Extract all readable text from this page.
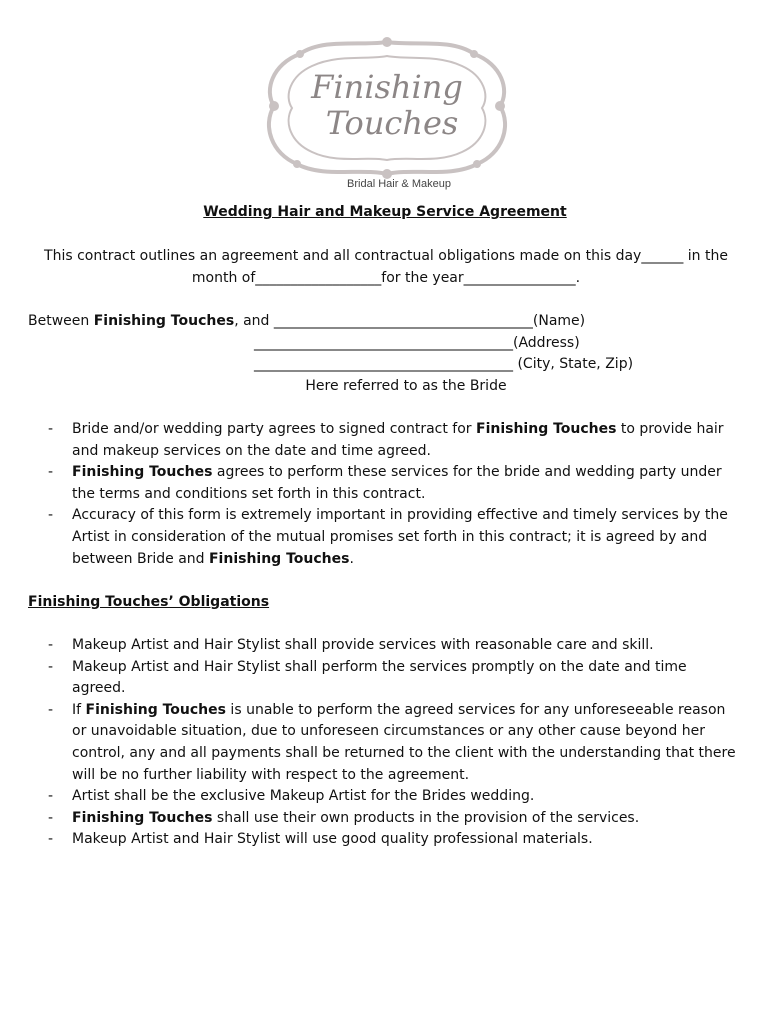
Finishing
Touches
Bridal Hair & Makeup
Wedding Hair and Makeup Service Agreement
This contract outlines an agreement and all contractual obligations made on this day______ in the month of__________________for the year________________.
Between Finishing Touches, and _____________________________________(Name)
_____________________________________(Address)
_____________________________________ (City, State, Zip)
Here referred to as the Bride
- Bride and/or wedding party agrees to signed contract for Finishing Touches to provide hair and makeup services on the date and time agreed.
- Finishing Touches agrees to perform these services for the bride and wedding party under the terms and conditions set forth in this contract.
- Accuracy of this form is extremely important in providing effective and timely services by the Artist in consideration of the mutual promises set forth in this contract; it is agreed by and between Bride and Finishing Touches.
Finishing Touches’ Obligations
- Makeup Artist and Hair Stylist shall provide services with reasonable care and skill.
- Makeup Artist and Hair Stylist shall perform the services promptly on the date and time agreed.
- If Finishing Touches is unable to perform the agreed services for any unforeseeable reason or unavoidable situation, due to unforeseen circumstances or any other cause beyond her control, any and all payments shall be returned to the client with the understanding that there will be no further liability with respect to the agreement.
- Artist shall be the exclusive Makeup Artist for the Brides wedding.
- Finishing Touches shall use their own products in the provision of the services.
- Makeup Artist and Hair Stylist will use good quality professional materials.
